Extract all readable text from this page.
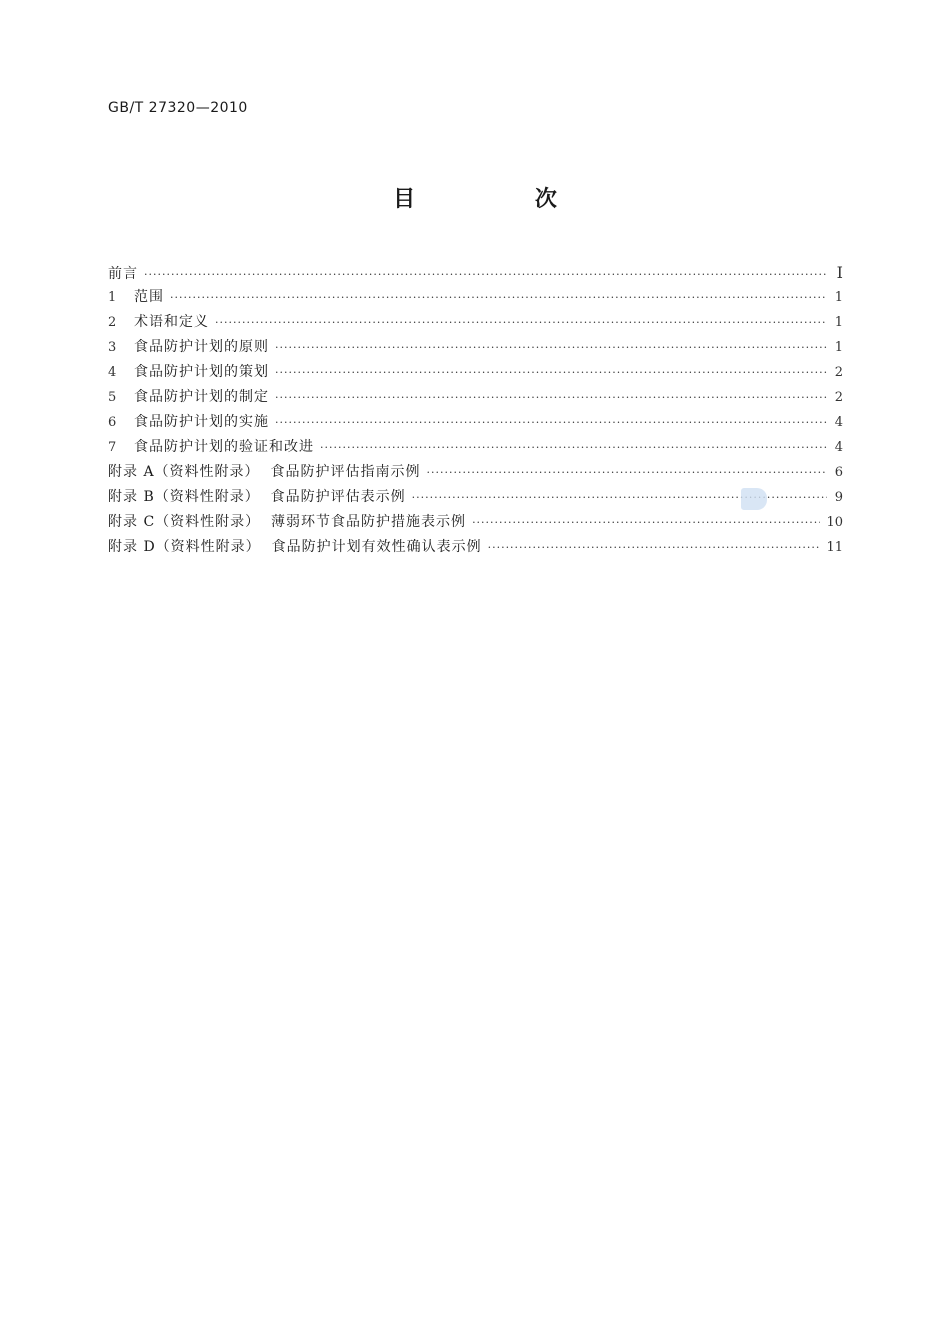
GB/T 27320—2010
目 次
前言 ·····	Ⅰ
1 范围 ·····	1
2 术语和定义 ·····	1
3 食品防护计划的原则 ·····	1
4 食品防护计划的策划 ·····	2
5 食品防护计划的制定 ·····	2
6 食品防护计划的实施 ·····	4
7 食品防护计划的验证和改进 ·····	4
附录 A（资料性附录）  食品防护评估指南示例 ·····	6
附录 B（资料性附录）  食品防护评估表示例 ·····	9
附录 C（资料性附录）  薄弱环节食品防护措施表示例 ·····	10
附录 D（资料性附录）  食品防护计划有效性确认表示例 ·····	11
